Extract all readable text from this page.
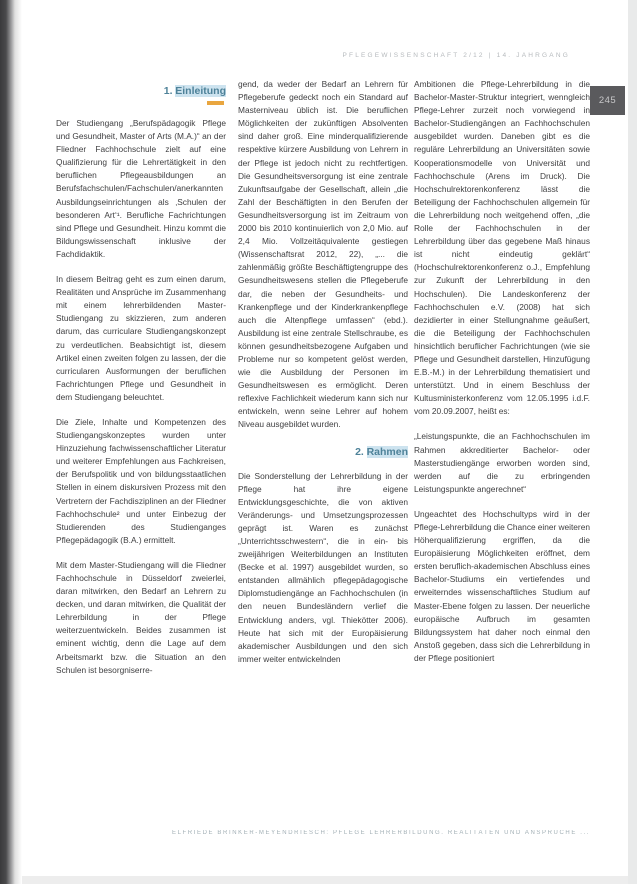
PFLEGEWISSENSCHAFT 2/12 | 14. JAHRGANG
245
1. Einleitung

Der Studiengang „Berufspädagogik Pflege und Gesundheit, Master of Arts (M.A.)“ an der Fliedner Fachhochschule zielt auf eine Qualifizierung für die Lehrertätigkeit in den beruflichen Pflegeausbildungen an Berufsfachschulen/Fachschulen/anerkannten Ausbildungseinrichtungen als ‚Schulen der besonderen Art‘¹. Berufliche Fachrichtungen sind Pflege und Gesundheit. Hinzu kommt die Bildungswissenschaft inklusive der Fachdidaktik.

In diesem Beitrag geht es zum einen darum, Realitäten und Ansprüche im Zusammenhang mit einem lehrerbildenden Master-Studiengang zu skizzieren, zum anderen darum, das curriculare Studiengangskonzept zu verdeutlichen. Beabsichtigt ist, diesem Artikel einen zweiten folgen zu lassen, der die curricularen Ausformungen der beruflichen Fachrichtungen Pflege und Gesundheit in dem Studiengang beleuchtet.

Die Ziele, Inhalte und Kompetenzen des Studiengangskonzeptes wurden unter Hinzuziehung fachwissenschaftlicher Literatur und weiterer Empfehlungen aus Fachkreisen, der Berufspolitik und von bildungsstaatlichen Stellen in einem diskursiven Prozess mit den Vertretern der Fachdisziplinen an der Fliedner Fachhochschule² und unter Einbezug der Studierenden des Studienganges Pflegepädagogik (B.A.) ermittelt.

Mit dem Master-Studiengang will die Fliedner Fachhochschule in Düsseldorf zweierlei, daran mitwirken, den Bedarf an Lehrern zu decken, und daran mitwirken, die Qualität der Lehrerbildung in der Pflege weiterzuentwickeln. Beides zusammen ist eminent wichtig, denn die Lage auf dem Arbeitsmarkt bzw. die Situation an den Schulen ist besorgniserre-

gend, da weder der Bedarf an Lehrern für Pflegeberufe gedeckt noch ein Standard auf Masterniveau üblich ist. Die beruflichen Möglichkeiten der zukünftigen Absolventen sind daher groß. Eine minderqualifizierende respektive kürzere Ausbildung von Lehrern in der Pflege ist jedoch nicht zu rechtfertigen. Die Gesundheitsversorgung ist eine zentrale Zukunftsaufgabe der Gesellschaft, allein „die Zahl der Beschäftigten in den Berufen der Gesundheitsversorgung ist im Zeitraum von 2000 bis 2010 kontinuierlich von 2,0 Mio. auf 2,4 Mio. Vollzeitäquivalente gestiegen (Wissenschaftsrat 2012, 22), „... die zahlenmäßig größte Beschäftigtengruppe des Gesundheitswesens stellen die Pflegeberufe dar, die neben der Gesundheits- und Krankenpflege und der Kinderkrankenpflege auch die Altenpflege umfassen“ (ebd.). Ausbildung ist eine zentrale Stellschraube, es können gesundheitsbezogene Aufgaben und Probleme nur so kompetent gelöst werden, wie die Ausbildung der Personen im Gesundheitswesen es ermöglicht. Deren reflexive Fachlichkeit wiederum kann sich nur entwickeln, wenn seine Lehrer auf hohem Niveau ausgebildet wurden.

2. Rahmen

Die Sonderstellung der Lehrerbildung in der Pflege hat ihre eigene Entwicklungsgeschichte, die von aktiven Veränderungs- und Umsetzungsprozessen geprägt ist. Waren es zunächst „Unterrichtsschwestern“, die in ein- bis zweijährigen Weiterbildungen an Instituten (Becke et al. 1997) ausgebildet wurden, so entstanden allmählich pflegepädagogische Diplomstudiengänge an Fachhochschulen (in den neuen Bundesländern verlief die Entwicklung anders, vgl. Thiekötter 2006). Heute hat sich mit der Europäisierung akademischer Ausbildungen und den sich immer weiter entwickelnden

Ambitionen die Pflege-Lehrerbildung in die Bachelor-Master-Struktur integriert, wenngleich Pflege-Lehrer zurzeit noch vorwiegend in Bachelor-Studiengängen an Fachhochschulen ausgebildet wurden. Daneben gibt es die reguläre Lehrerbildung an Universitäten sowie Kooperationsmodelle von Universität und Fachhochschule (Arens im Druck). Die Hochschulrektorenkonferenz lässt die Beteiligung der Fachhochschulen allgemein für die Lehrerbildung noch weitgehend offen, „die Rolle der Fachhochschulen in der Lehrerbildung über das gegebene Maß hinaus ist nicht eindeutig geklärt“ (Hochschulrektorenkonferenz o.J., Empfehlung zur Zukunft der Lehrerbildung in den Hochschulen). Die Landeskonferenz der Fachhochschulen e.V. (2008) hat sich dezidierter in einer Stellungnahme geäußert, die die Beteiligung der Fachhochschulen hinsichtlich beruflicher Fachrichtungen (wie sie Pflege und Gesundheit darstellen, Hinzufügung E.B.-M.) in der Lehrerbildung thematisiert und unterstützt. Und in einem Beschluss der Kultusministerkonferenz vom 12.05.1995 i.d.F. vom 20.09.2007, heißt es:

„Leistungspunkte, die an Fachhochschulen im Rahmen akkreditierter Bachelor- oder Masterstudiengänge erworben worden sind, werden auf die zu erbringenden Leistungspunkte angerechnet“

Ungeachtet des Hochschultyps wird in der Pflege-Lehrerbildung die Chance einer weiteren Höherqualifizierung ergriffen, da die Europäisierung Möglichkeiten eröffnet, dem ersten beruflich-akademischen Abschluss eines Bachelor-Studiums ein vertiefendes und erweiterndes wissenschaftliches Studium auf Master-Ebene folgen zu lassen. Der neuerliche europäische Aufbruch im gesamten Bildungssystem hat daher noch einmal den Anstoß gegeben, dass sich die Lehrerbildung in der Pflege positioniert

ELFRIEDE BRINKER-MEYENDRIESCH: PFLEGE LEHRERBILDUNG. REALITÄTEN UND ANSPRÜCHE ...
